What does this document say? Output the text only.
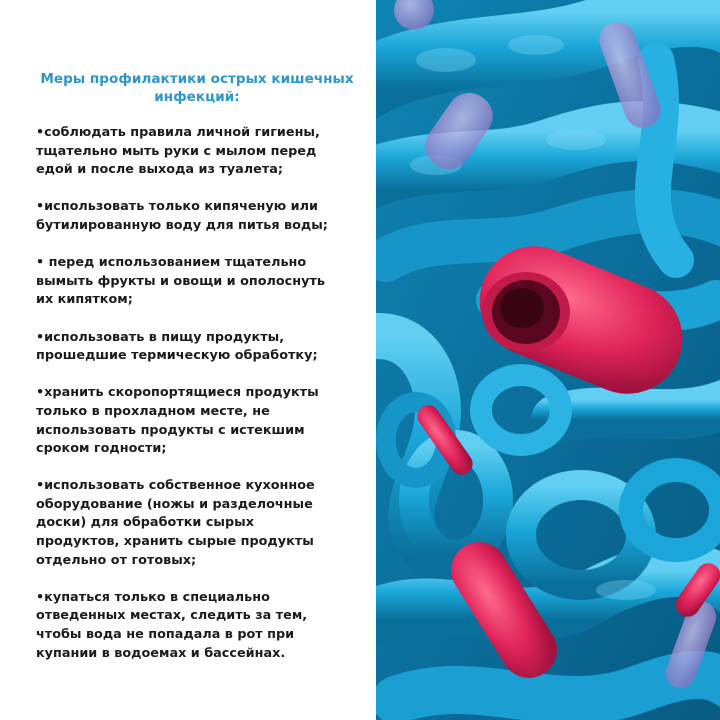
Меры профилактики острых кишечных
инфекций:
•соблюдать правила личной гигиены,
тщательно мыть руки с мылом перед
едой и после выхода из туалета;
•использовать только кипяченую или
бутилированную воду для питья воды;
• перед использованием тщательно
вымыть фрукты и овощи и ополоснуть
их кипятком;
•использовать в пищу продукты,
прошедшие термическую обработку;
•хранить скоропортящиеся продукты
только в прохладном месте, не
использовать продукты с истекшим
сроком годности;
•использовать собственное кухонное
оборудование (ножы и разделочные
доски) для обработки сырых
продуктов, хранить сырые продукты
отдельно от готовых;
•купаться только в специально
отведенных местах, следить за тем,
чтобы вода не попадала в рот при
купании в водоемах и бассейнах.
